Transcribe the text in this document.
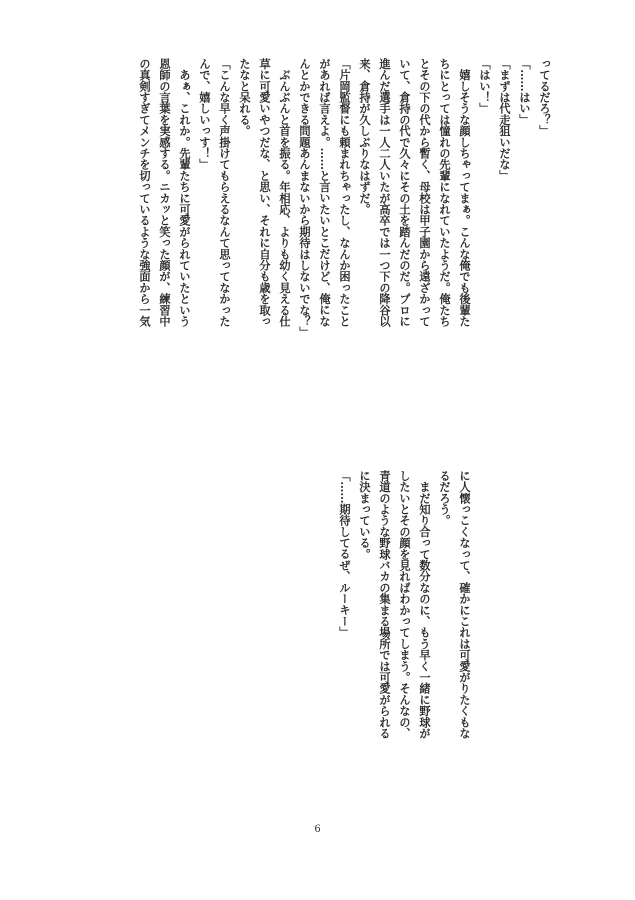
ってるだろ？」
「……はい」
「まずは代走狙いだな」
「はい！」
　嬉しそうな顔しちゃってまぁ。こんな俺でも後輩た
ちにとっては憧れの先輩になれていたようだ。俺たち
とその下の代から暫く、母校は甲子園から遠ざかって
いて、倉持の代で久々にその土を踏んだのだ。プロに
進んだ選手は一人二人いたが高卒では一つ下の降谷以
来、倉持が久しぶりなはずだ。
「片岡監督にも頼まれちゃったし、なんか困ったこと
があれば言えよ。……と言いたいとこだけど、俺にな
んとかできる問題あんまないから期待はしないでな？」
　ぶんぶんと首を振る。年相応、よりも幼く見える仕
草に可愛いやつだな、と思い、それに自分も歳を取っ
たなと呆れる。
「こんな早く声掛けてもらえるなんて思ってなかった
んで、嬉しいっす！」
　あぁ、これか。先輩たちに可愛がられていたという
恩師の言葉を実感する。ニカッと笑った顔が、練習中
の真剣すぎてメンチを切っているような強面から一気
に人懐っこくなって、確かにこれは可愛がりたくもな
るだろう。
　まだ知り合って数分なのに、もう早く一緒に野球が
したいとその顔を見ればわかってしまう。そんなの、
青道のような野球バカの集まる場所では可愛がられる
に決まっている。
「……期待してるぜ、ルーキー」
6
